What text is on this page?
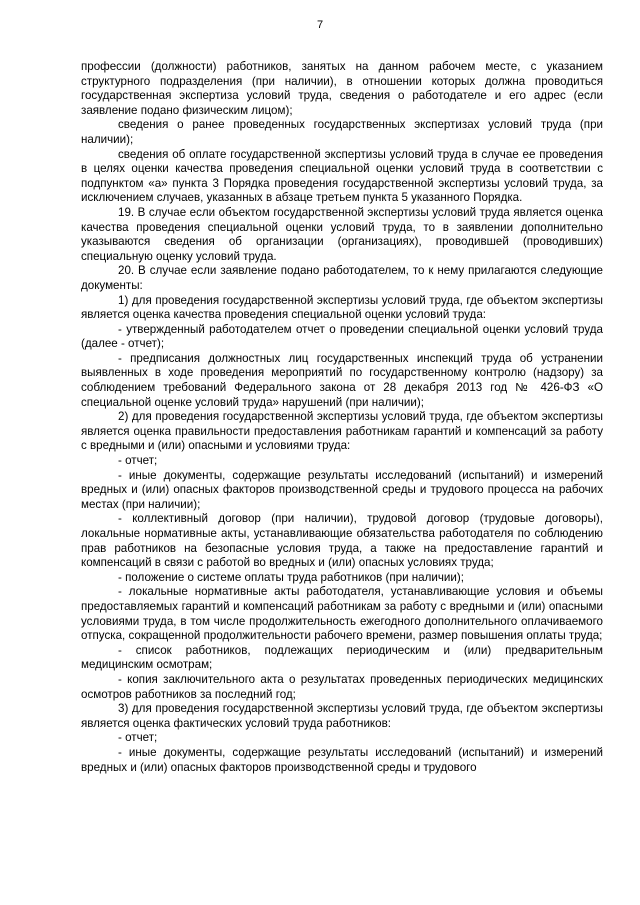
7

профессии (должности) работников, занятых на данном рабочем месте, с указанием структурного подразделения (при наличии), в отношении которых должна проводиться государственная экспертиза условий труда, сведения о работодателе и его адрес (если заявление подано физическим лицом);

сведения о ранее проведенных государственных экспертизах условий труда (при наличии);

сведения об оплате государственной экспертизы условий труда в случае ее проведения в целях оценки качества проведения специальной оценки условий труда в соответствии с подпунктом «а» пункта 3 Порядка проведения государственной экспертизы условий труда, за исключением случаев, указанных в абзаце третьем пункта 5 указанного Порядка.

19. В случае если объектом государственной экспертизы условий труда является оценка качества проведения специальной оценки условий труда, то в заявлении дополнительно указываются сведения об организации (организациях), проводившей (проводивших) специальную оценку условий труда.

20. В случае если заявление подано работодателем, то к нему прилагаются следующие документы:

1) для проведения государственной экспертизы условий труда, где объектом экспертизы является оценка качества проведения специальной оценки условий труда:

- утвержденный работодателем отчет о проведении специальной оценки условий труда (далее - отчет);

- предписания должностных лиц государственных инспекций труда об устранении выявленных в ходе проведения мероприятий по государственному контролю (надзору) за соблюдением требований Федерального закона от 28 декабря 2013 год № 426-ФЗ «О специальной оценке условий труда» нарушений (при наличии);

2) для проведения государственной экспертизы условий труда, где объектом экспертизы является оценка правильности предоставления работникам гарантий и компенсаций за работу с вредными и (или) опасными и условиями труда:

- отчет;

- иные документы, содержащие результаты исследований (испытаний) и измерений вредных и (или) опасных факторов производственной среды и трудового процесса на рабочих местах (при наличии);

- коллективный договор (при наличии), трудовой договор (трудовые договоры), локальные нормативные акты, устанавливающие обязательства работодателя по соблюдению прав работников на безопасные условия труда, а также на предоставление гарантий и компенсаций в связи с работой во вредных и (или) опасных условиях труда;

- положение о системе оплаты труда работников (при наличии);

- локальные нормативные акты работодателя, устанавливающие условия и объемы предоставляемых гарантий и компенсаций работникам за работу с вредными и (или) опасными условиями труда, в том числе продолжительность ежегодного дополнительного оплачиваемого отпуска, сокращенной продолжительности рабочего времени, размер повышения оплаты труда;

- список работников, подлежащих периодическим и (или) предварительным медицинским осмотрам;

- копия заключительного акта о результатах проведенных периодических медицинских осмотров работников за последний год;

3) для проведения государственной экспертизы условий труда, где объектом экспертизы является оценка фактических условий труда работников:

- отчет;

- иные документы, содержащие результаты исследований (испытаний) и измерений вредных и (или) опасных факторов производственной среды и трудового
